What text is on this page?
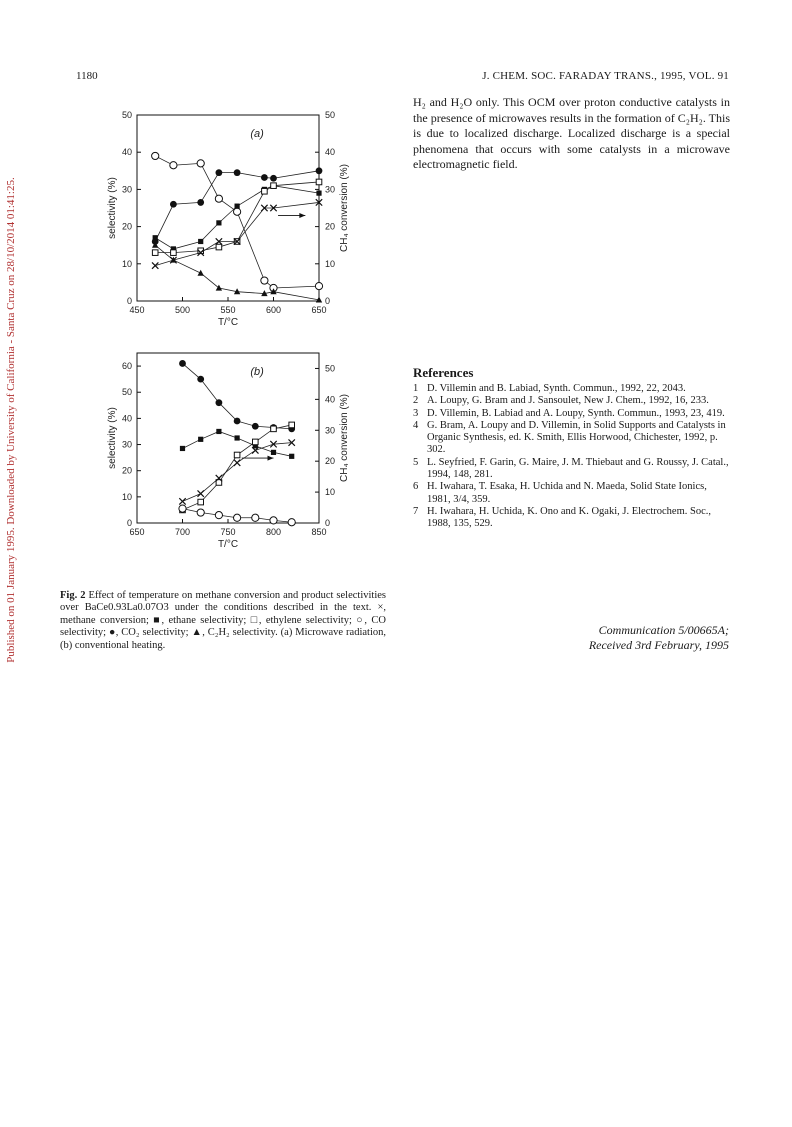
Published on 01 January 1995. Downloaded by University of California - Santa Cruz on 28/10/2014 01:41:25.
1180	J. CHEM. SOC. FARADAY TRANS., 1995, VOL. 91

H₂ and H₂O only. This OCM over proton conductive catalysts in the presence of microwaves results in the formation of C₂H₂. This is due to localized discharge. Localized discharge is a special phenomena that occurs with some catalysts in a microwave electromagnetic field.

References
1 D. Villemin and B. Labiad, Synth. Commun., 1992, 22, 2043.
2 A. Loupy, G. Bram and J. Sansoulet, New J. Chem., 1992, 16, 233.
3 D. Villemin, B. Labiad and A. Loupy, Synth. Commun., 1993, 23, 419.
4 G. Bram, A. Loupy and D. Villemin, in Solid Supports and Catalysts in Organic Synthesis, ed. K. Smith, Ellis Horwood, Chichester, 1992, p. 302.
5 L. Seyfried, F. Garin, G. Maire, J. M. Thiebaut and G. Roussy, J. Catal., 1994, 148, 281.
6 H. Iwahara, T. Esaka, H. Uchida and N. Maeda, Solid State Ionics, 1981, 3/4, 359.
7 H. Iwahara, H. Uchida, K. Ono and K. Ogaki, J. Electrochem. Soc., 1988, 135, 529.
Communication 5/00665A;
Received 3rd February, 1995
Fig. 2 Effect of temperature on methane conversion and product selectivities over BaCe0.93La0.07O3 under the conditions described in the text. ×, methane conversion; ■, ethane selectivity; □, ethylene selectivity; ○, CO selectivity; ●, CO₂ selectivity; ▲, C₂H₂ selectivity. (a) Microwave radiation, (b) conventional heating.
450	500	550	600	650
0
10
20
30
40
50
0
10
20
30
40
50
T/°C
selectivity (%)	CH₄ conversion (%)
(a)
650	700	750	800	850
0
10
20
30
40
50
60
0
10
20
30
40
50
T/°C
selectivity (%)	CH₄ conversion (%)
(b)
